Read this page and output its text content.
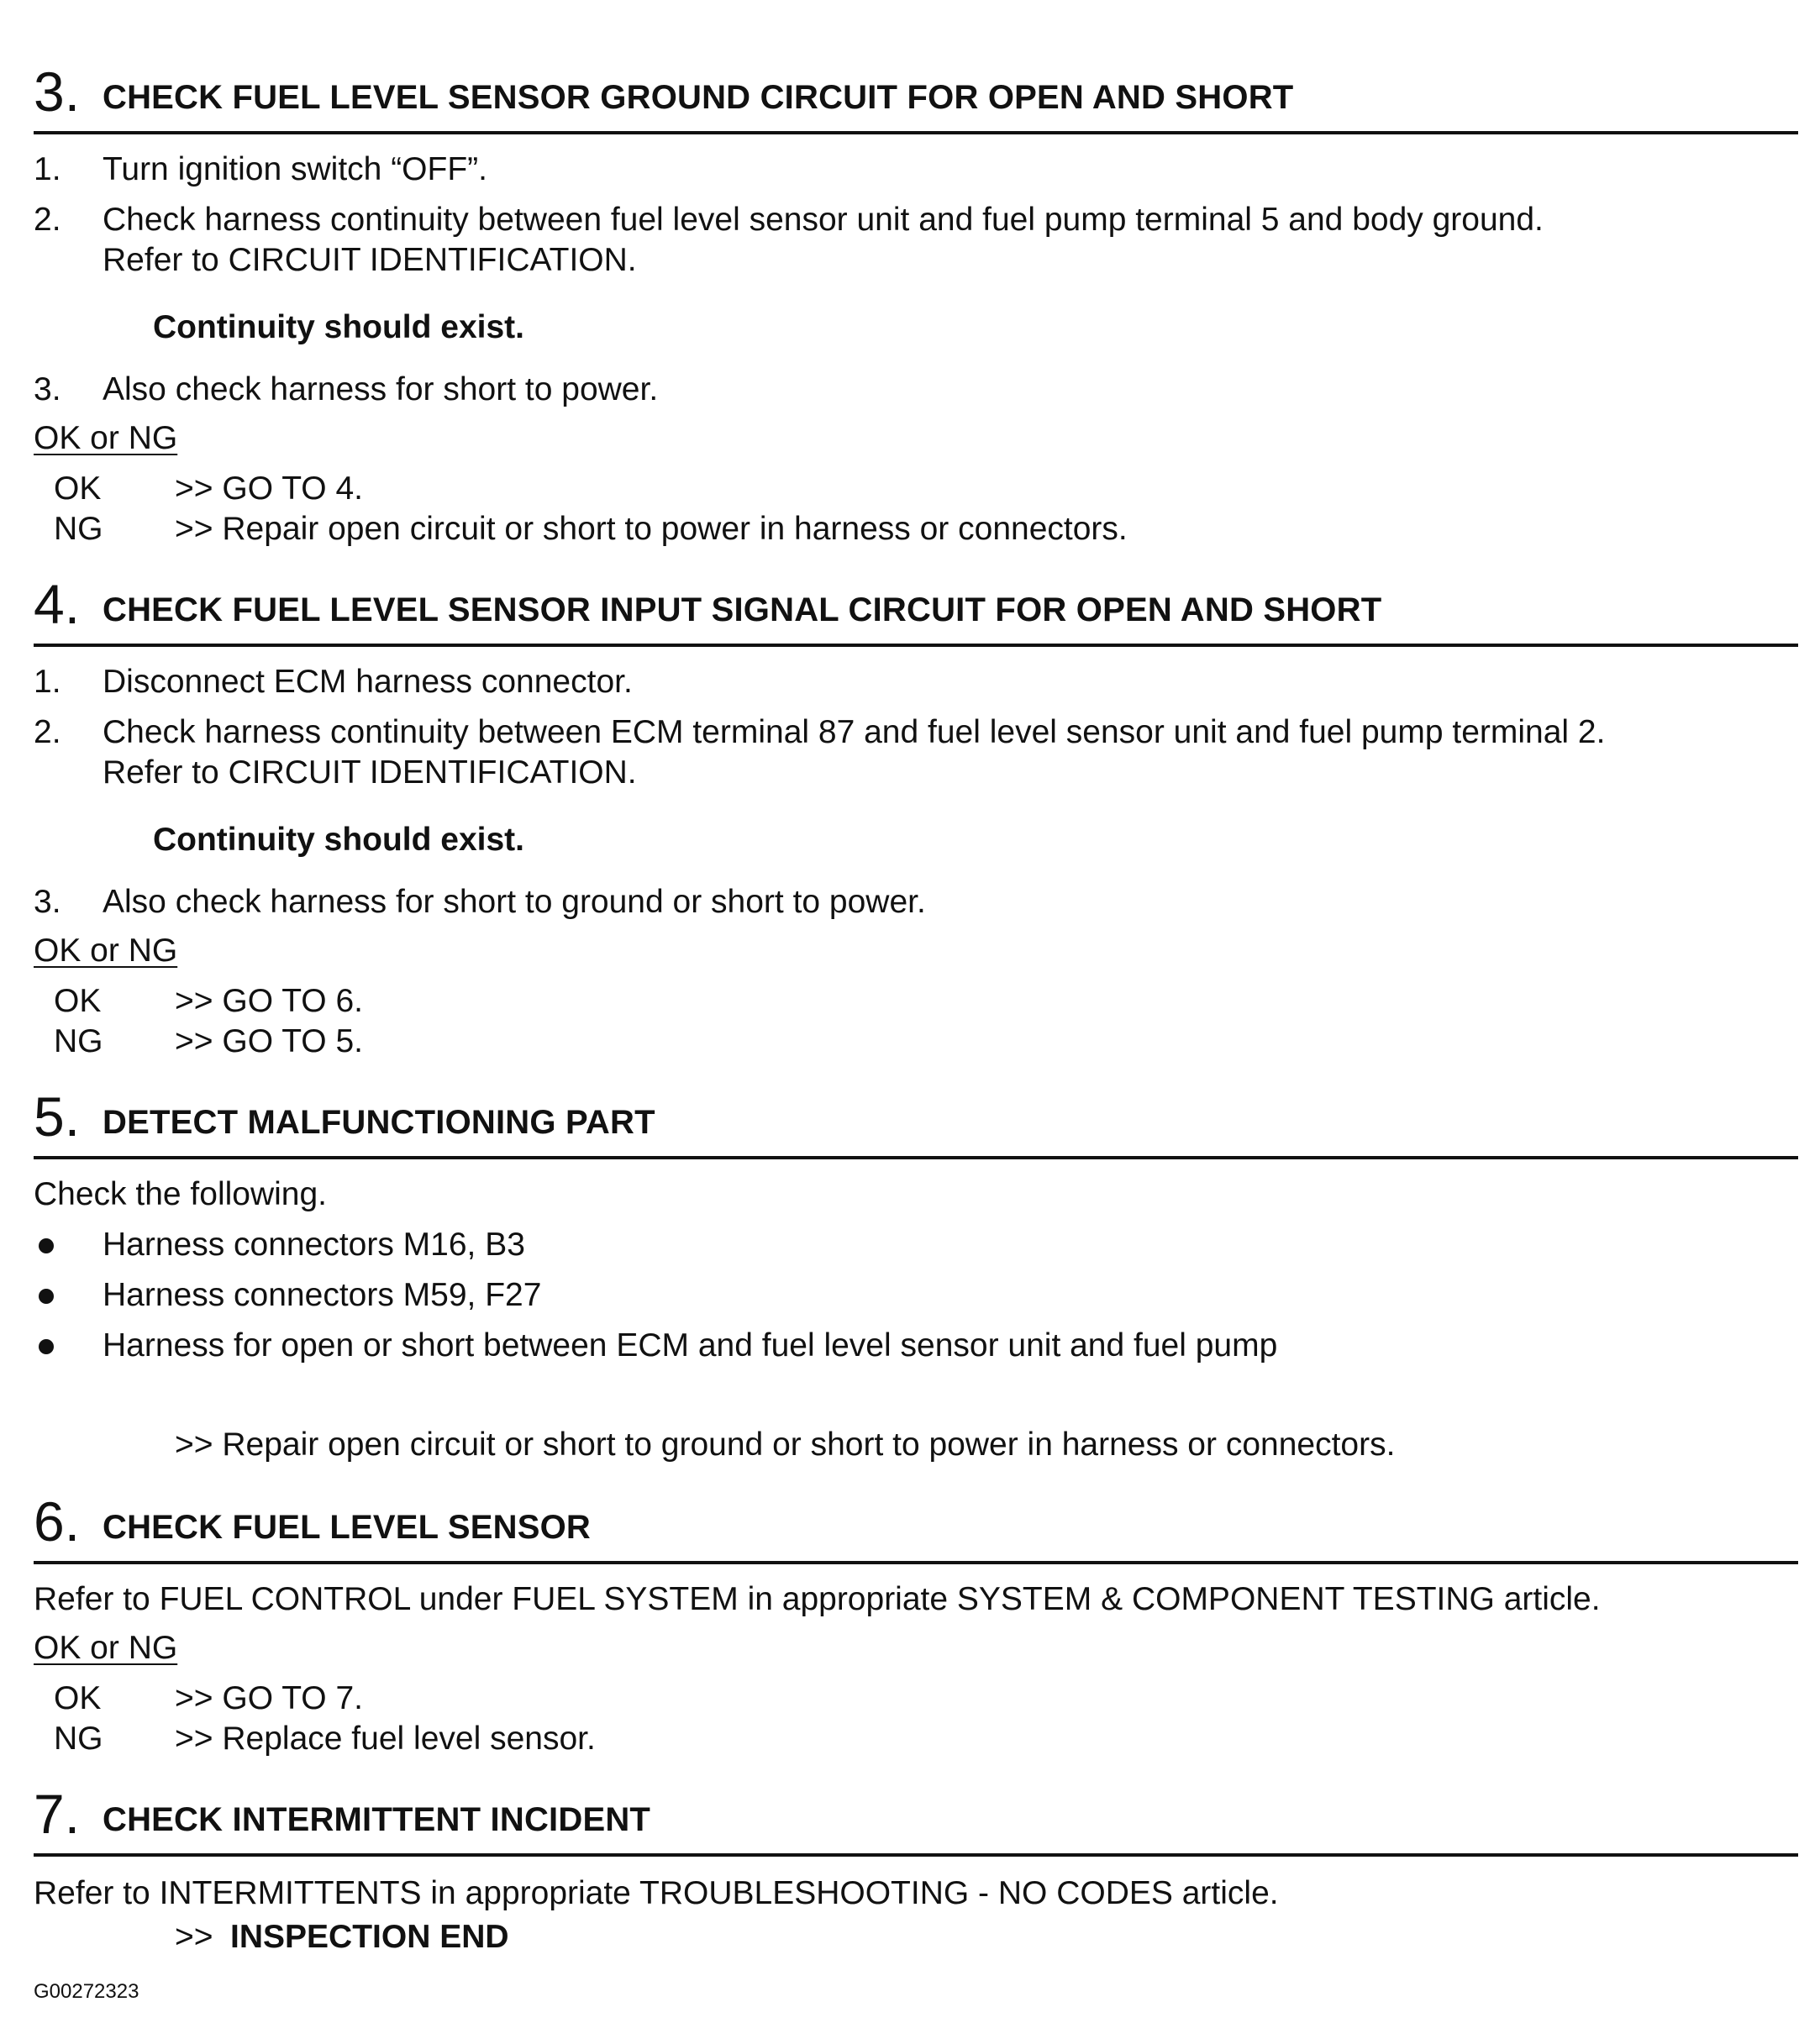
3. CHECK FUEL LEVEL SENSOR GROUND CIRCUIT FOR OPEN AND SHORT
1. Turn ignition switch “OFF”.
2. Check harness continuity between fuel level sensor unit and fuel pump terminal 5 and body ground.
Refer to CIRCUIT IDENTIFICATION.
Continuity should exist.
3. Also check harness for short to power.
OK or NG
OK >> GO TO 4.
NG >> Repair open circuit or short to power in harness or connectors.
4. CHECK FUEL LEVEL SENSOR INPUT SIGNAL CIRCUIT FOR OPEN AND SHORT
1. Disconnect ECM harness connector.
2. Check harness continuity between ECM terminal 87 and fuel level sensor unit and fuel pump terminal 2.
Refer to CIRCUIT IDENTIFICATION.
Continuity should exist.
3. Also check harness for short to ground or short to power.
OK or NG
OK >> GO TO 6.
NG >> GO TO 5.
5. DETECT MALFUNCTIONING PART
Check the following.
Harness connectors M16, B3
Harness connectors M59, F27
Harness for open or short between ECM and fuel level sensor unit and fuel pump
>> Repair open circuit or short to ground or short to power in harness or connectors.
6. CHECK FUEL LEVEL SENSOR
Refer to FUEL CONTROL under FUEL SYSTEM in appropriate SYSTEM & COMPONENT TESTING article.
OK or NG
OK >> GO TO 7.
NG >> Replace fuel level sensor.
7. CHECK INTERMITTENT INCIDENT
Refer to INTERMITTENTS in appropriate TROUBLESHOOTING - NO CODES article.
>> INSPECTION END
G00272323
